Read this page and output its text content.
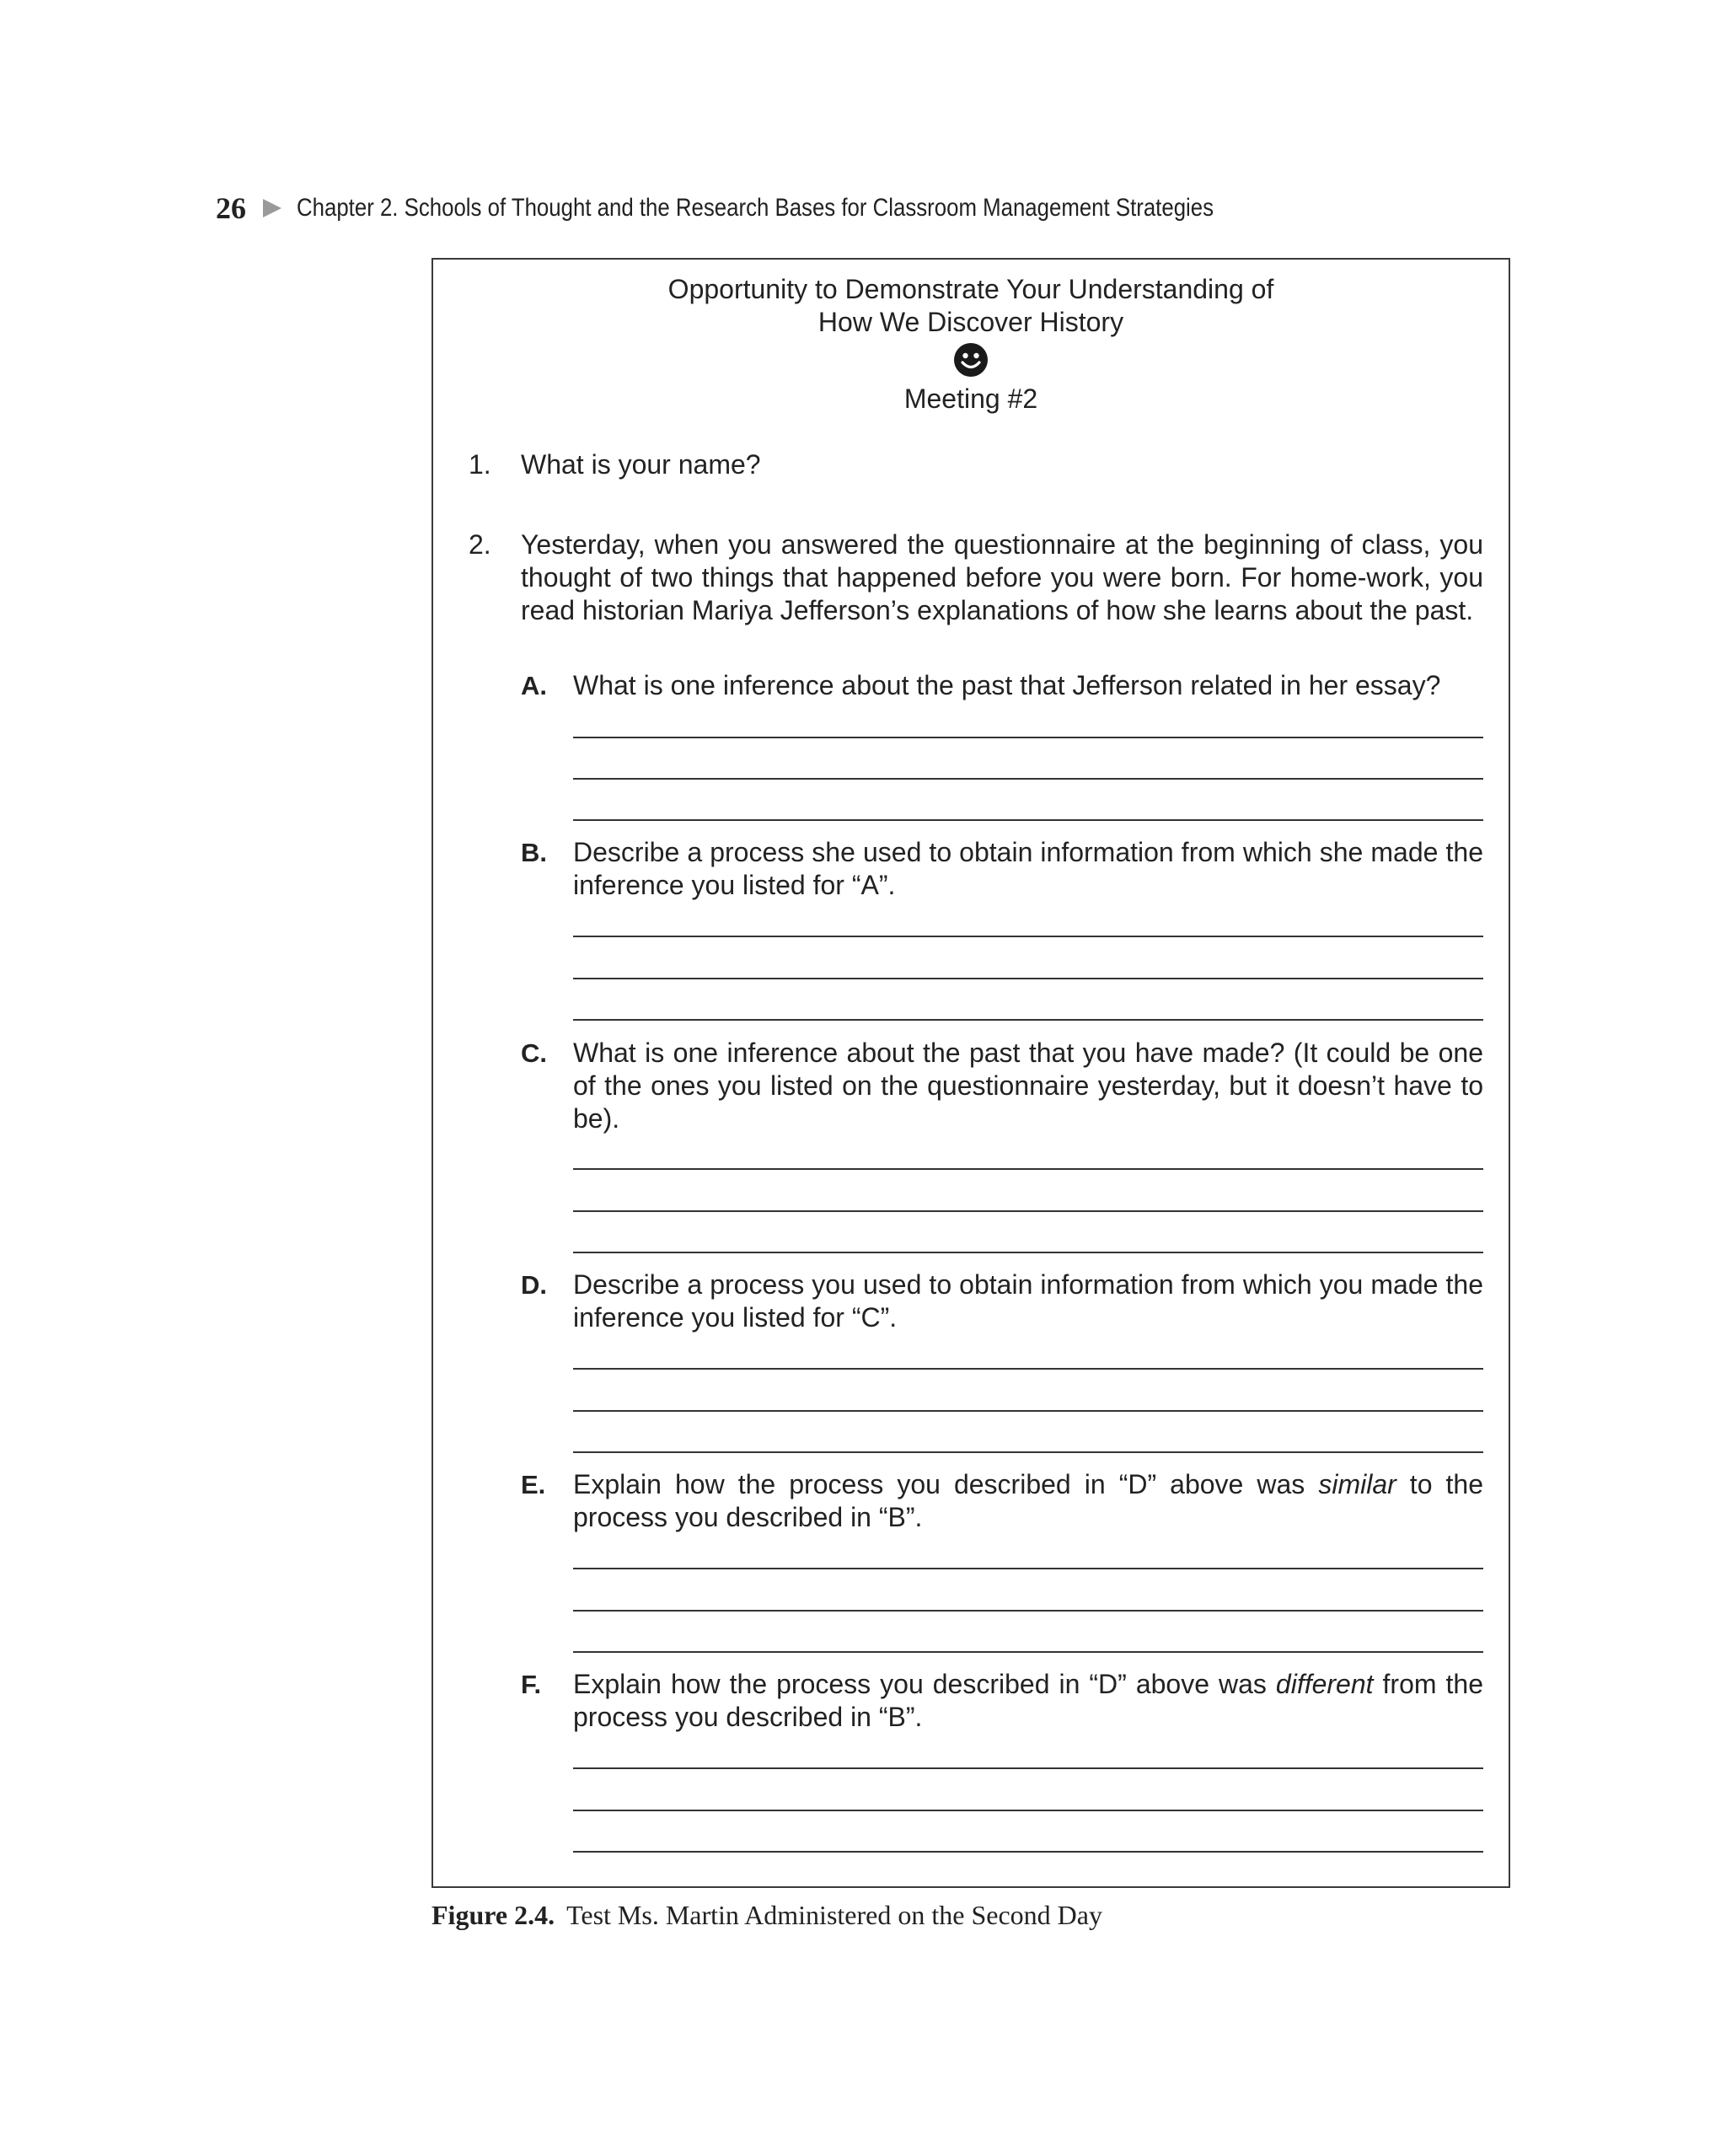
26 Chapter 2. Schools of Thought and the Research Bases for Classroom Management Strategies
Opportunity to Demonstrate Your Understanding of
How We Discover History
Meeting #2
1. What is your name?
2. Yesterday, when you answered the questionnaire at the beginning of class, you thought of two things that happened before you were born. For home-work, you read historian Mariya Jefferson’s explanations of how she learns about the past.
A. What is one inference about the past that Jefferson related in her essay?
B. Describe a process she used to obtain information from which she made the inference you listed for “A”.
C. What is one inference about the past that you have made? (It could be one of the ones you listed on the questionnaire yesterday, but it doesn’t have to be).
D. Describe a process you used to obtain information from which you made the inference you listed for “C”.
E. Explain how the process you described in “D” above was similar to the process you described in “B”.
F. Explain how the process you described in “D” above was different from the process you described in “B”.
Figure 2.4. Test Ms. Martin Administered on the Second Day
